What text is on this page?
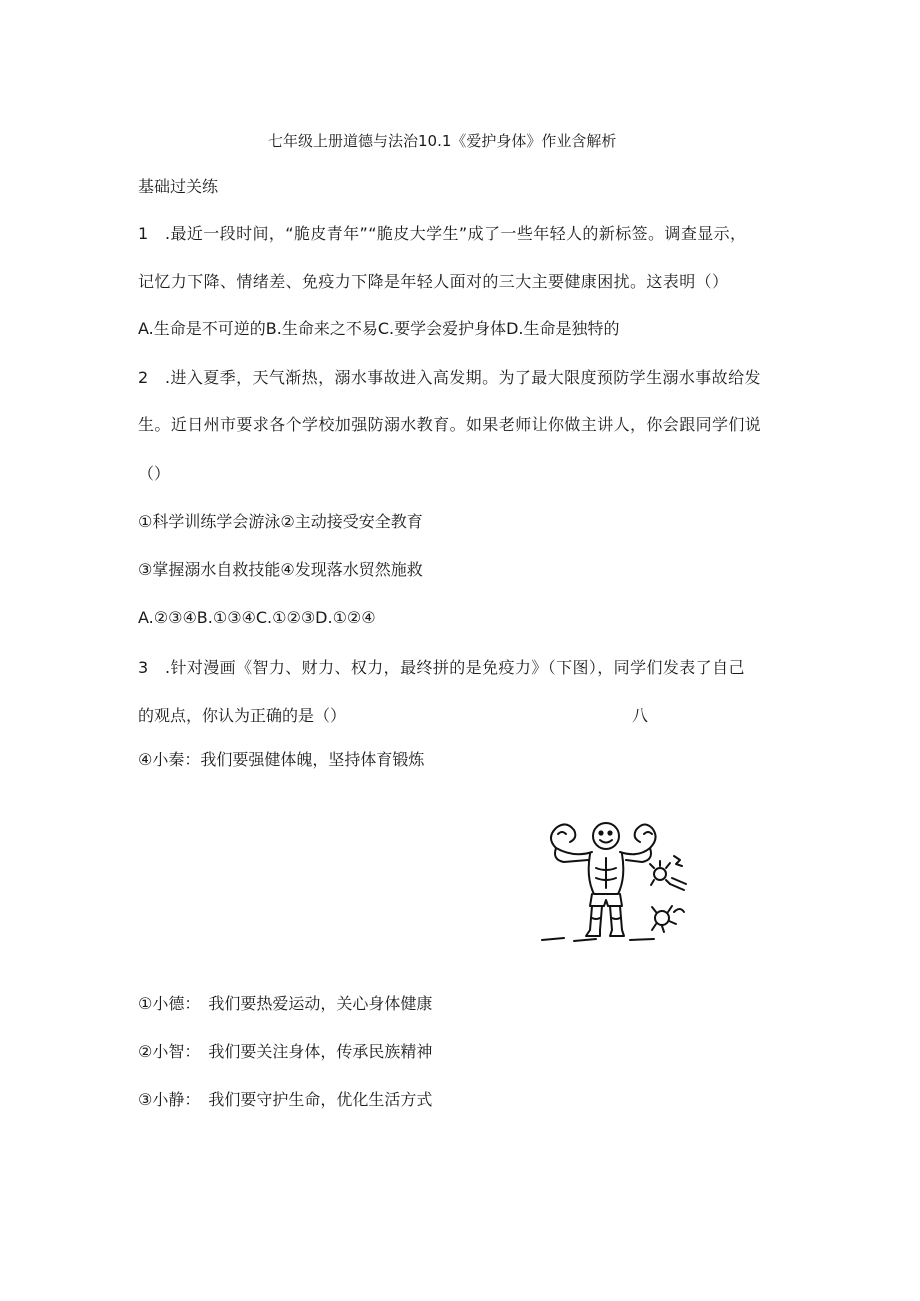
七年级上册道德与法治10.1《爱护身体》作业含解析
基础过关练
1　.最近一段时间，“脆皮青年”“脆皮大学生”成了一些年轻人的新标签。调查显示，
记忆力下降、情绪差、免疫力下降是年轻人面对的三大主要健康困扰。这表明（）
A.生命是不可逆的B.生命来之不易C.要学会爱护身体D.生命是独特的
2　.进入夏季，天气渐热，溺水事故进入高发期。为了最大限度预防学生溺水事故给发
生。近日州市要求各个学校加强防溺水教育。如果老师让你做主讲人，你会跟同学们说
（）
①科学训练学会游泳②主动接受安全教育
③掌握溺水自救技能④发现落水贸然施救
A.②③④B.①③④C.①②③D.①②④
3　.针对漫画《智力、财力、权力，最终拼的是免疫力》（下图），同学们发表了自己
的观点，你认为正确的是（）	八
④小秦：我们要强健体魄，坚持体育锻炼
①小德：　我们要热爱运动，关心身体健康
②小智：　我们要关注身体，传承民族精神
③小静：　我们要守护生命，优化生活方式
